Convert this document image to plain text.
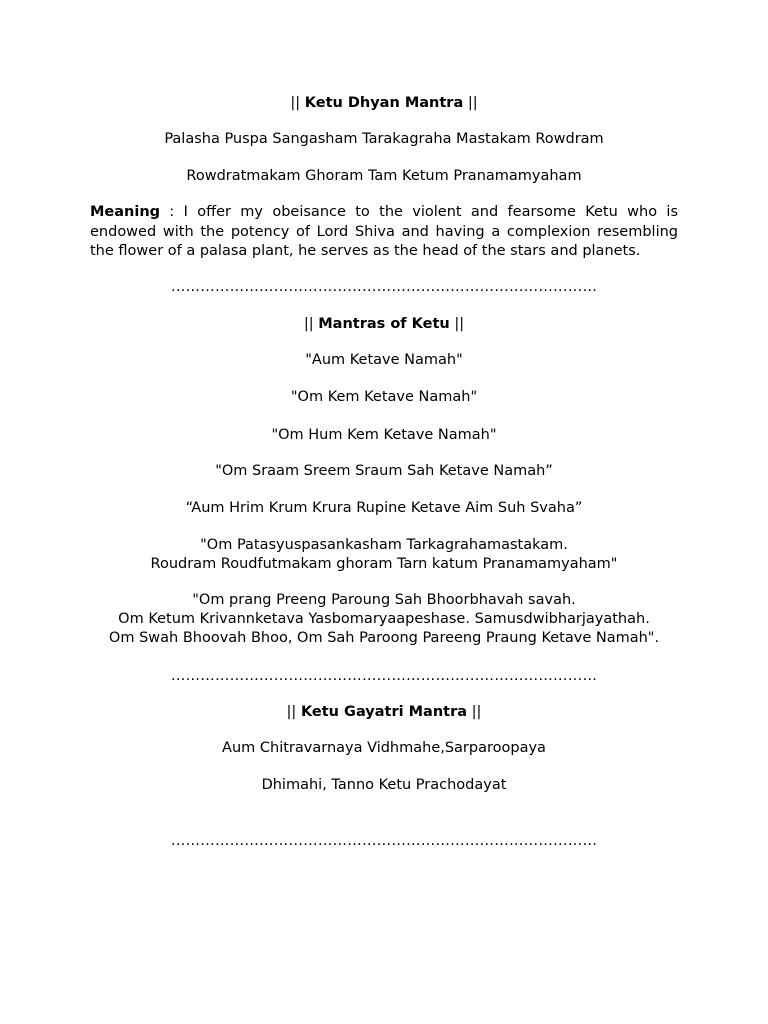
|| Ketu Dhyan Mantra ||
Palasha Puspa Sangasham Tarakagraha Mastakam Rowdram
Rowdratmakam Ghoram Tam Ketum Pranamamyaham
Meaning : I offer my obeisance to the violent and fearsome Ketu who is endowed with the potency of Lord Shiva and having a complexion resembling the flower of a palasa plant, he serves as the head of the stars and planets.
……………………………………………………………………………
|| Mantras of Ketu ||
"Aum Ketave Namah"
"Om Kem Ketave Namah"
"Om Hum Kem Ketave Namah"
"Om Sraam Sreem Sraum Sah Ketave Namah”
“Aum Hrim Krum Krura Rupine Ketave Aim Suh Svaha”
"Om Patasyuspasankasham Tarkagrahamastakam.
Roudram Roudfutmakam ghoram Tarn katum Pranamamyaham"
"Om prang Preeng Paroung Sah Bhoorbhavah savah.
Om Ketum Krivannketava Yasbomaryaapeshase. Samusdwibharjayathah.
Om Swah Bhoovah Bhoo, Om Sah Paroong Pareeng Praung Ketave Namah".
……………………………………………………………………………
|| Ketu Gayatri Mantra ||
Aum Chitravarnaya Vidhmahe,Sarparoopaya
Dhimahi, Tanno Ketu Prachodayat
……………………………………………………………………………
